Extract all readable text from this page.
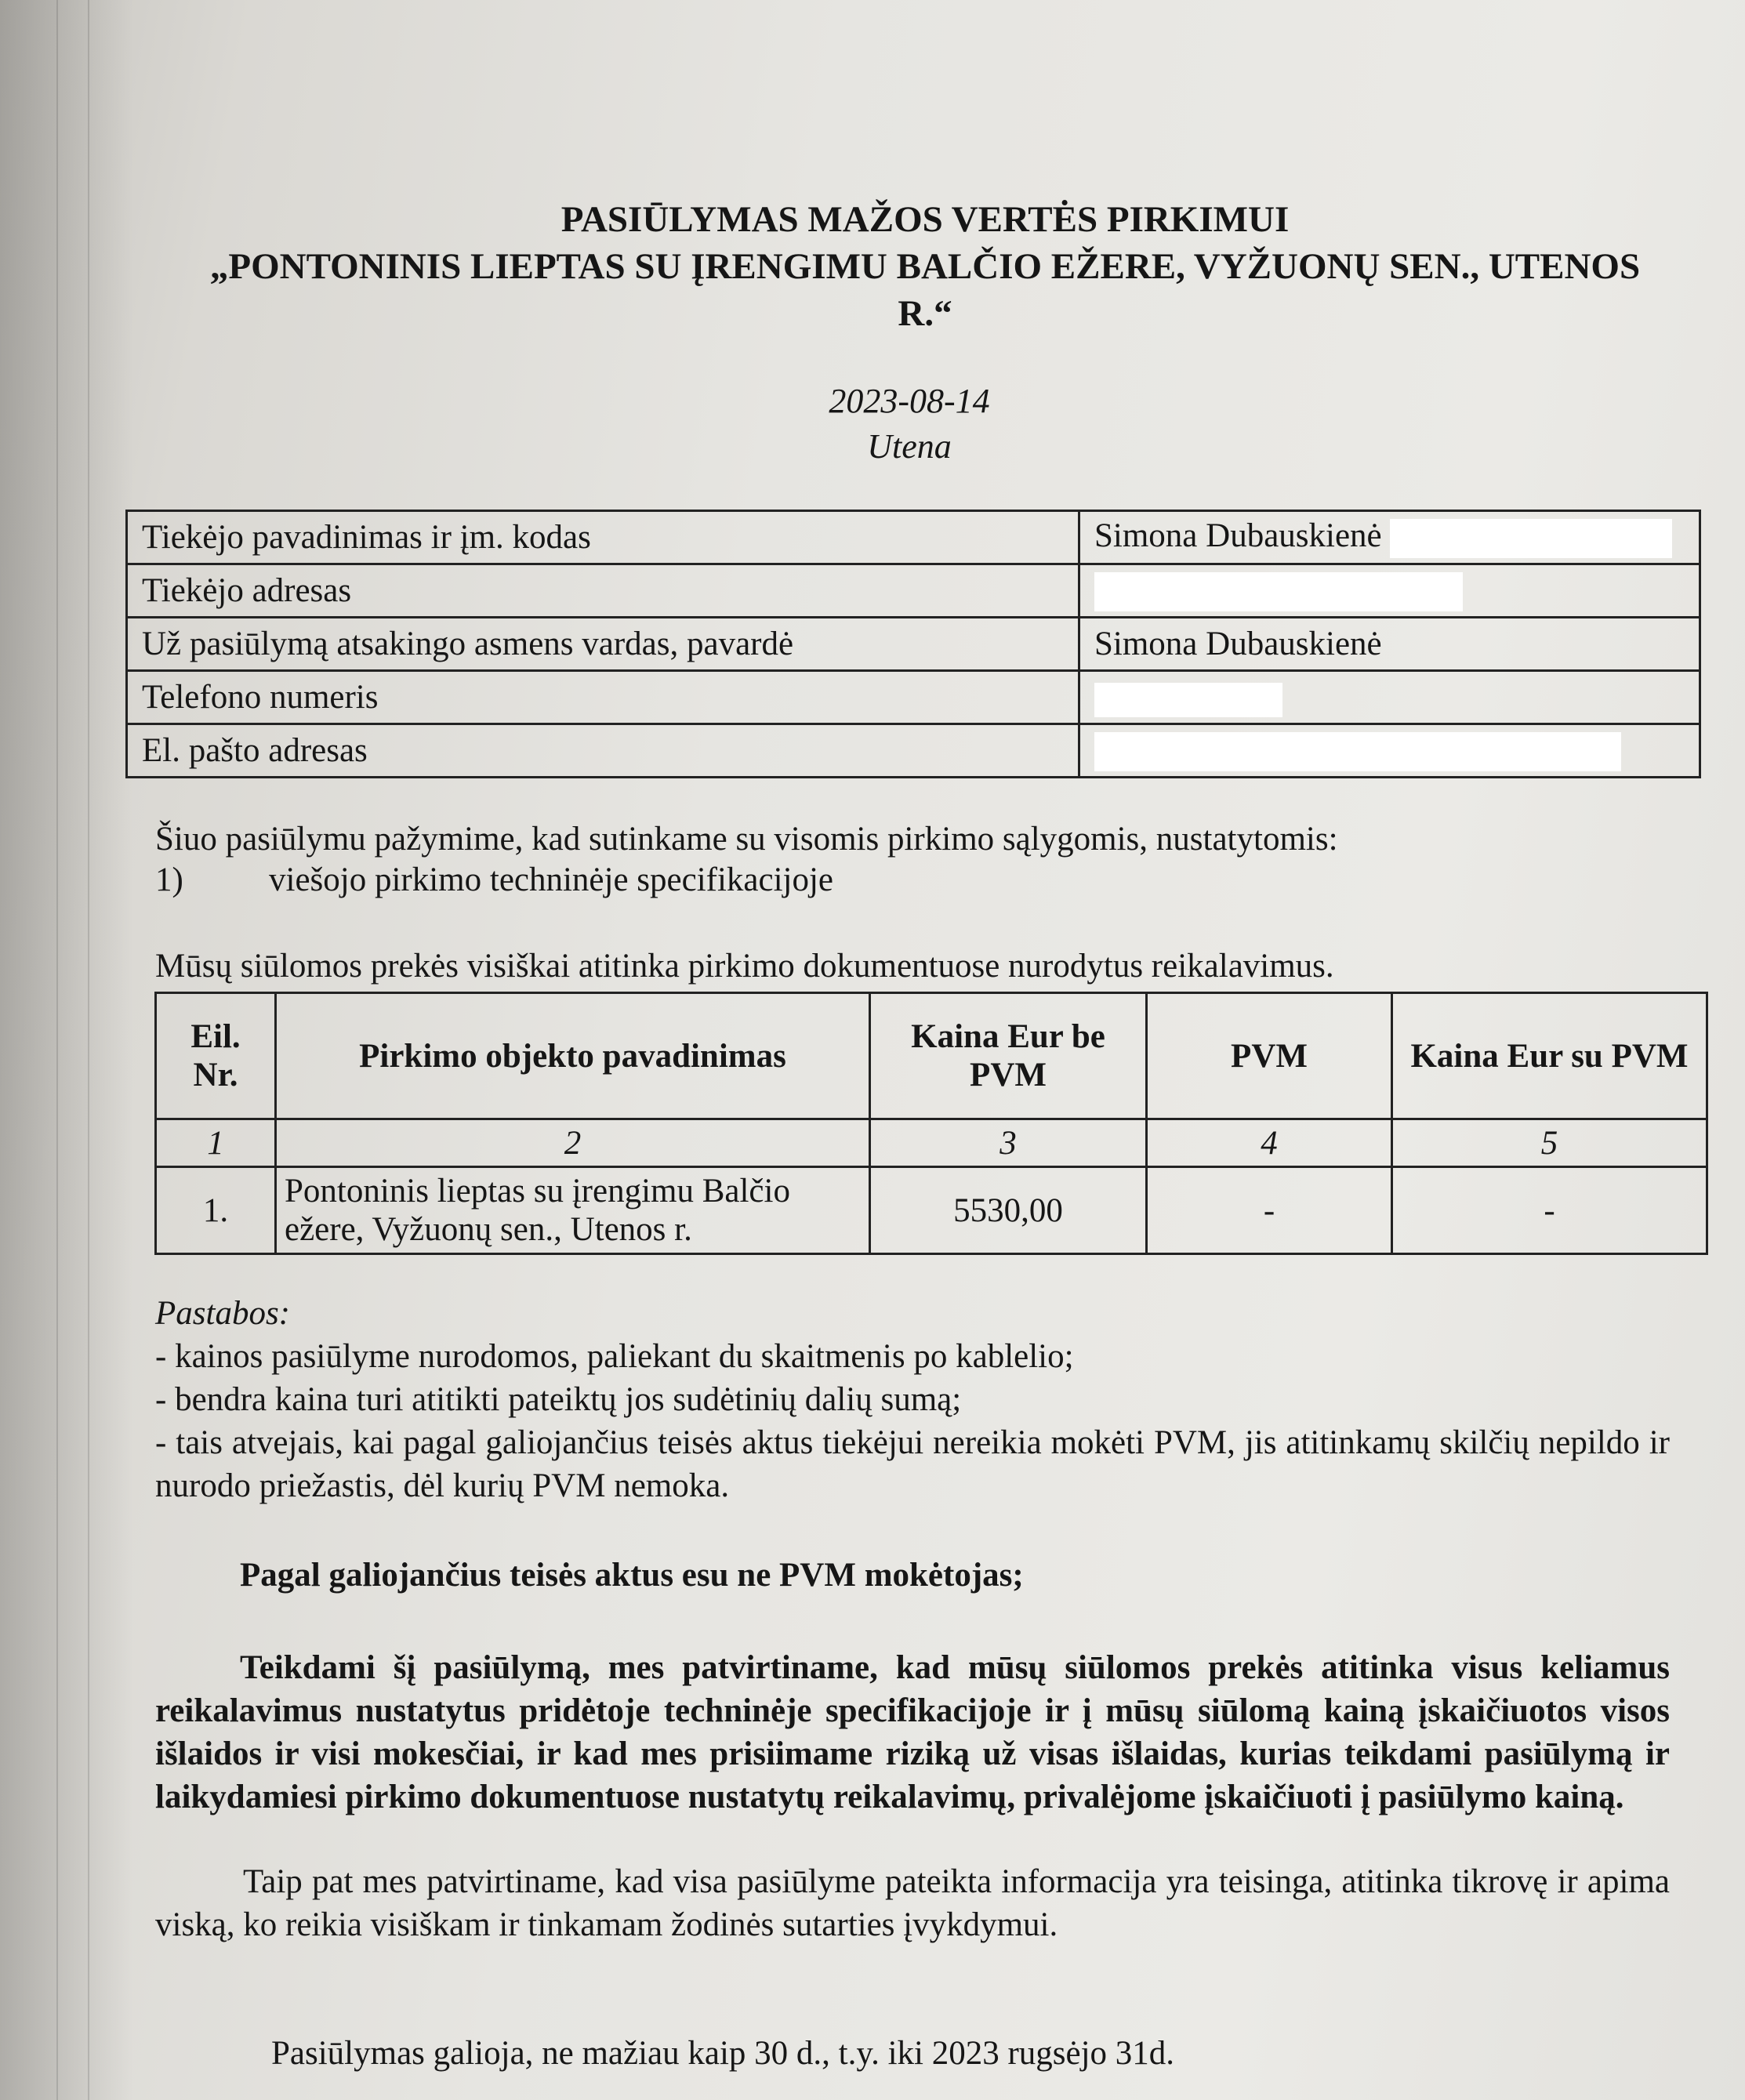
PASIŪLYMAS MAŽOS VERTĖS PIRKIMUI
„PONTONINIS LIEPTAS SU ĮRENGIMU BALČIO EŽERE, VYŽUONŲ SEN., UTENOS
R.“
2023-08-14
Utena
Tiekėjo pavadinimas ir įm. kodas	Simona Dubauskienė
Tiekėjo adresas	
Už pasiūlymą atsakingo asmens vardas, pavardė	Simona Dubauskienė
Telefono numeris	
El. pašto adresas	

Šiuo pasiūlymu pažymime, kad sutinkame su visomis pirkimo sąlygomis, nustatytomis:

1)	viešojo pirkimo techninėje specifikacijoje

Mūsų siūlomos prekės visiškai atitinka pirkimo dokumentuose nurodytus reikalavimus.
Eil. Nr.	Pirkimo objekto pavadinimas	Kaina Eur be PVM	PVM	Kaina Eur su PVM
1	2	3	4	5
1.	Pontoninis lieptas su įrengimu Balčio ežere, Vyžuonų sen., Utenos r.	5530,00	-	-

Pastabos:

- kainos pasiūlyme nurodomos, paliekant du skaitmenis po kablelio;

- bendra kaina turi atitikti pateiktų jos sudėtinių dalių sumą;

- tais atvejais, kai pagal galiojančius teisės aktus tiekėjui nereikia mokėti PVM, jis atitinkamų skilčių nepildo ir nurodo priežastis, dėl kurių PVM nemoka.

Pagal galiojančius teisės aktus esu ne PVM mokėtojas;

Teikdami šį pasiūlymą, mes patvirtiname, kad mūsų siūlomos prekės atitinka visus keliamus reikalavimus nustatytus pridėtoje techninėje specifikacijoje ir į mūsų siūlomą kainą įskaičiuotos visos išlaidos ir visi mokesčiai, ir kad mes prisiimame riziką už visas išlaidas, kurias teikdami pasiūlymą ir laikydamiesi pirkimo dokumentuose nustatytų reikalavimų, privalėjome įskaičiuoti į pasiūlymo kainą.

Taip pat mes patvirtiname, kad visa pasiūlyme pateikta informacija yra teisinga, atitinka tikrovę ir apima viską, ko reikia visiškam ir tinkamam žodinės sutarties įvykdymui.

Pasiūlymas galioja, ne mažiau kaip 30 d., t.y. iki 2023 rugsėjo 31d.
